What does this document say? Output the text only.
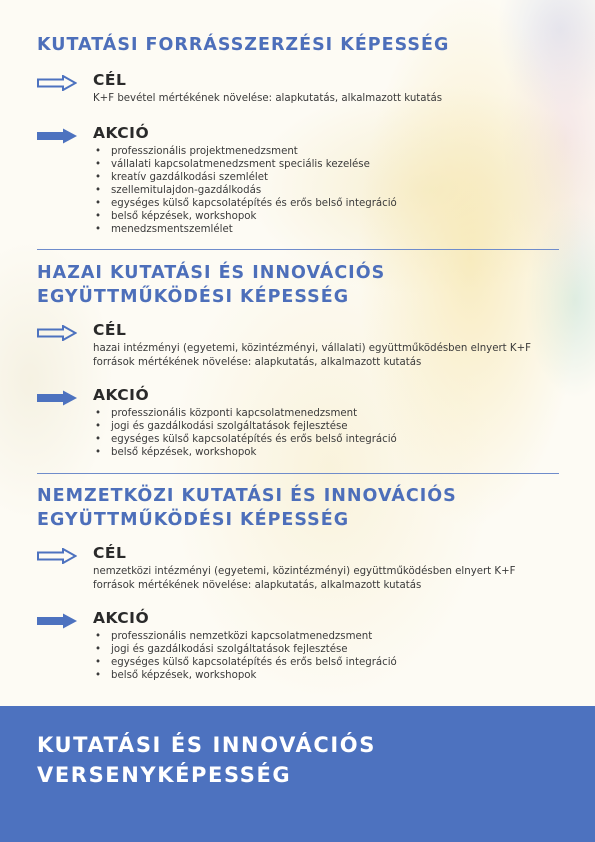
KUTATÁSI FORRÁSSZERZÉSI KÉPESSÉG
CÉL
K+F bevétel mértékének növelése: alapkutatás, alkalmazott kutatás
AKCIÓ
• professzionális projektmenedzsment
• vállalati kapcsolatmenedzsment speciális kezelése
• kreatív gazdálkodási szemlélet
• szellemitulajdon-gazdálkodás
• egységes külső kapcsolatépítés és erős belső integráció
• belső képzések, workshopok
• menedzsmentszemlélet
HAZAI KUTATÁSI ÉS INNOVÁCIÓS
EGYÜTTMŰKÖDÉSI KÉPESSÉG
CÉL
hazai intézményi (egyetemi, közintézményi, vállalati) együttműködésben elnyert K+F források mértékének növelése: alapkutatás, alkalmazott kutatás
AKCIÓ
• professzionális központi kapcsolatmenedzsment
• jogi és gazdálkodási szolgáltatások fejlesztése
• egységes külső kapcsolatépítés és erős belső integráció
• belső képzések, workshopok
NEMZETKÖZI KUTATÁSI ÉS INNOVÁCIÓS
EGYÜTTMŰKÖDÉSI KÉPESSÉG
CÉL
nemzetközi intézményi (egyetemi, közintézményi) együttműködésben elnyert K+F források mértékének növelése: alapkutatás, alkalmazott kutatás
AKCIÓ
• professzionális nemzetközi kapcsolatmenedzsment
• jogi és gazdálkodási szolgáltatások fejlesztése
• egységes külső kapcsolatépítés és erős belső integráció
• belső képzések, workshopok
KUTATÁSI ÉS INNOVÁCIÓS
VERSENYKÉPESSÉG
